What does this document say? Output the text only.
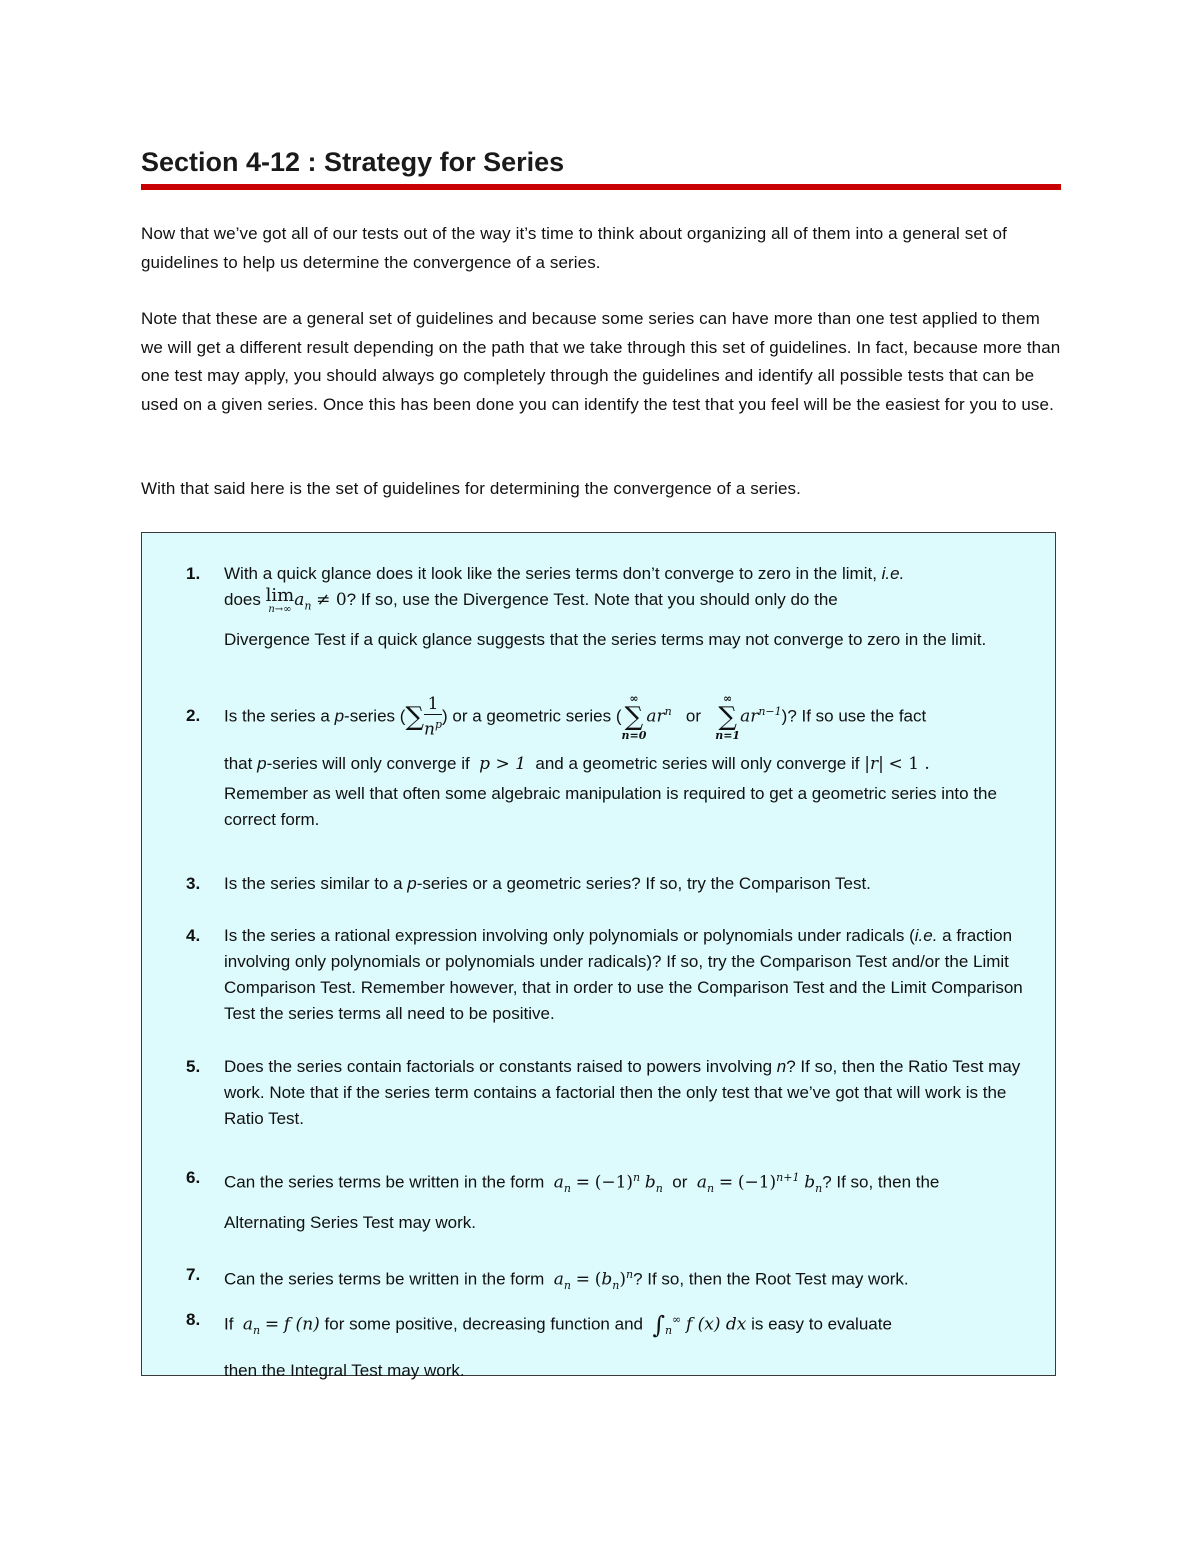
Section 4-12 : Strategy for Series

Now that we’ve got all of our tests out of the way it’s time to think about organizing all of them into a general set of guidelines to help us determine the convergence of a series.

Note that these are a general set of guidelines and because some series can have more than one test applied to them we will get a different result depending on the path that we take through this set of guidelines. In fact, because more than one test may apply, you should always go completely through the guidelines and identify all possible tests that can be used on a given series. Once this has been done you can identify the test that you feel will be the easiest for you to use.

With that said here is the set of guidelines for determining the convergence of a series.

1.	With a quick glance does it look like the series terms don’t converge to zero in the limit, i.e.
does lim
n→∞ $a_n \ne 0$? If so, use the Divergence Test. Note that you should only do the
Divergence Test if a quick glance suggests that the series terms may not converge to zero in the limit.
2.	Is the series a p-series ( ∑ $\frac{1}{n^p}$ ) or a geometric series (
∞
∑
n=0
$ar^n$ or
∞
∑
n=1
$ar^{n-1}$)? If so use the fact
that p-series will only converge if p > 1 and a geometric series will only converge if |r| < 1 .
Remember as well that often some algebraic manipulation is required to get a geometric series into the correct form.
3.	Is the series similar to a p-series or a geometric series? If so, try the Comparison Test.
4.	Is the series a rational expression involving only polynomials or polynomials under radicals (i.e. a fraction involving only polynomials or polynomials under radicals)? If so, try the Comparison Test and/or the Limit Comparison Test. Remember however, that in order to use the Comparison Test and the Limit Comparison Test the series terms all need to be positive.
5.	Does the series contain factorials or constants raised to powers involving n? If so, then the Ratio Test may work. Note that if the series term contains a factorial then the only test that we’ve got that will work is the Ratio Test.
6.	Can the series terms be written in the form $a_n = (-1)^n$ $b_n$ or $a_n = (-1)^{n+1}$ $b_n$? If so, then the
Alternating Series Test may work.
7.	Can the series terms be written in the form $a_n = (b_n)^n$? If so, then the Root Test may work.
8.	If $a_n = f$ (n) for some positive, decreasing function and $\int_n^\infty$ f (x) dx is easy to evaluate
then the Integral Test may work.
